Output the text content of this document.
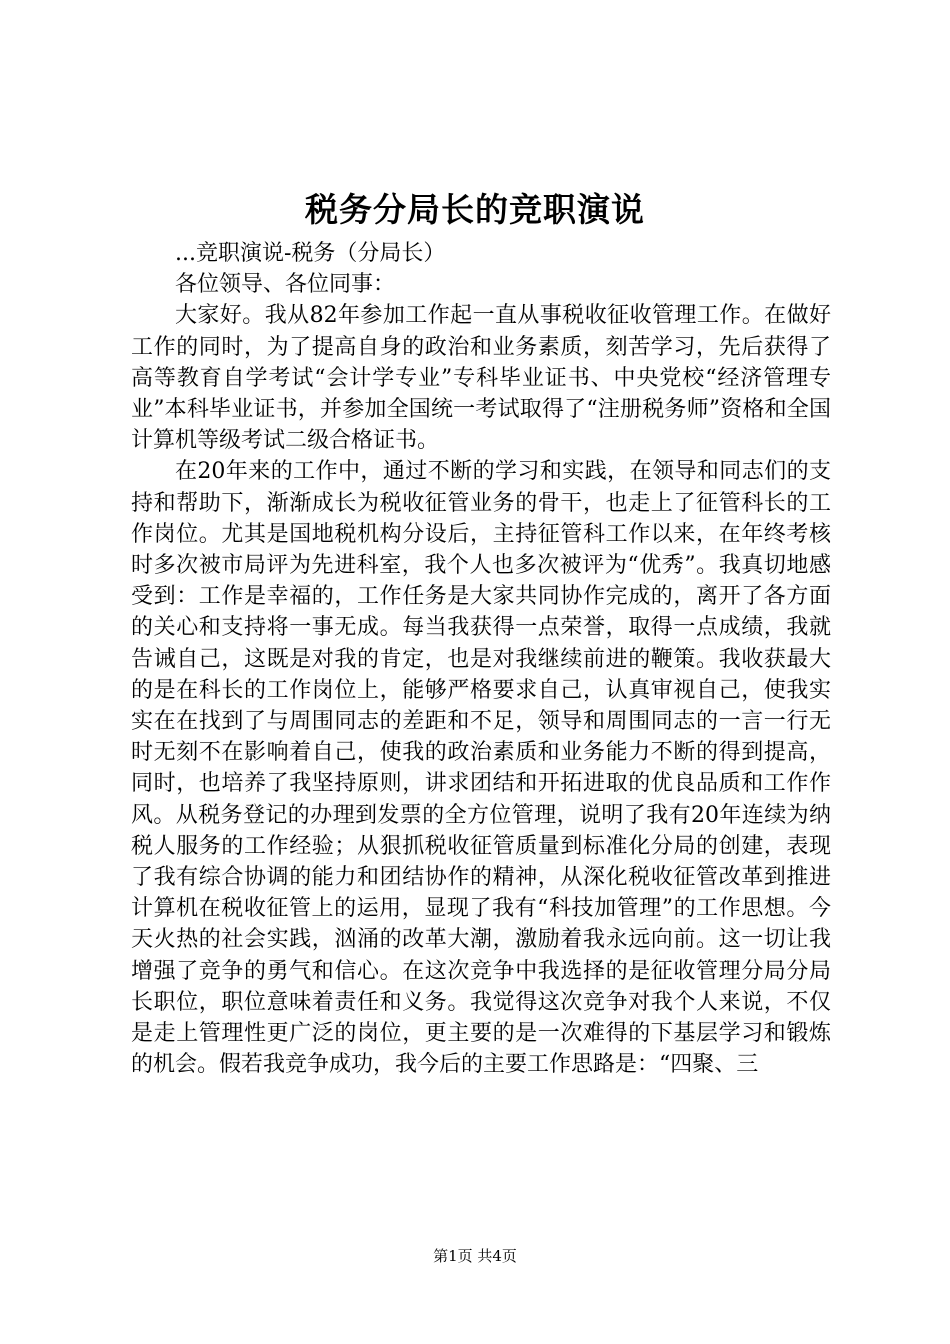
税务分局长的竞职演说

...竞职演说-税务（分局长）

各位领导、各位同事：

大家好。我从82年参加工作起一直从事税收征收管理工作。在做好工作的同时，为了提高自身的政治和业务素质，刻苦学习，先后获得了高等教育自学考试“会计学专业”专科毕业证书、中央党校“经济管理专业”本科毕业证书，并参加全国统一考试取得了“注册税务师”资格和全国计算机等级考试二级合格证书。

在20年来的工作中，通过不断的学习和实践，在领导和同志们的支持和帮助下，渐渐成长为税收征管业务的骨干，也走上了征管科长的工作岗位。尤其是国地税机构分设后，主持征管科工作以来，在年终考核时多次被市局评为先进科室，我个人也多次被评为“优秀”。我真切地感受到：工作是幸福的，工作任务是大家共同协作完成的，离开了各方面的关心和支持将一事无成。每当我获得一点荣誉，取得一点成绩，我就告诫自己，这既是对我的肯定，也是对我继续前进的鞭策。我收获最大的是在科长的工作岗位上，能够严格要求自己，认真审视自己，使我实实在在找到了与周围同志的差距和不足，领导和周围同志的一言一行无时无刻不在影响着自己，使我的政治素质和业务能力不断的得到提高，同时，也培养了我坚持原则，讲求团结和开拓进取的优良品质和工作作风。从税务登记的办理到发票的全方位管理，说明了我有20年连续为纳税人服务的工作经验；从狠抓税收征管质量到标准化分局的创建，表现了我有综合协调的能力和团结协作的精神，从深化税收征管改革到推进计算机在税收征管上的运用，显现了我有“科技加管理”的工作思想。今天火热的社会实践，汹涌的改革大潮，激励着我永远向前。这一切让我增强了竞争的勇气和信心。在这次竞争中我选择的是征收管理分局分局长职位，职位意味着责任和义务。我觉得这次竞争对我个人来说，不仅是走上管理性更广泛的岗位，更主要的是一次难得的下基层学习和锻炼的机会。假若我竞争成功，我今后的主要工作思路是：“四聚、三

第1页 共4页
